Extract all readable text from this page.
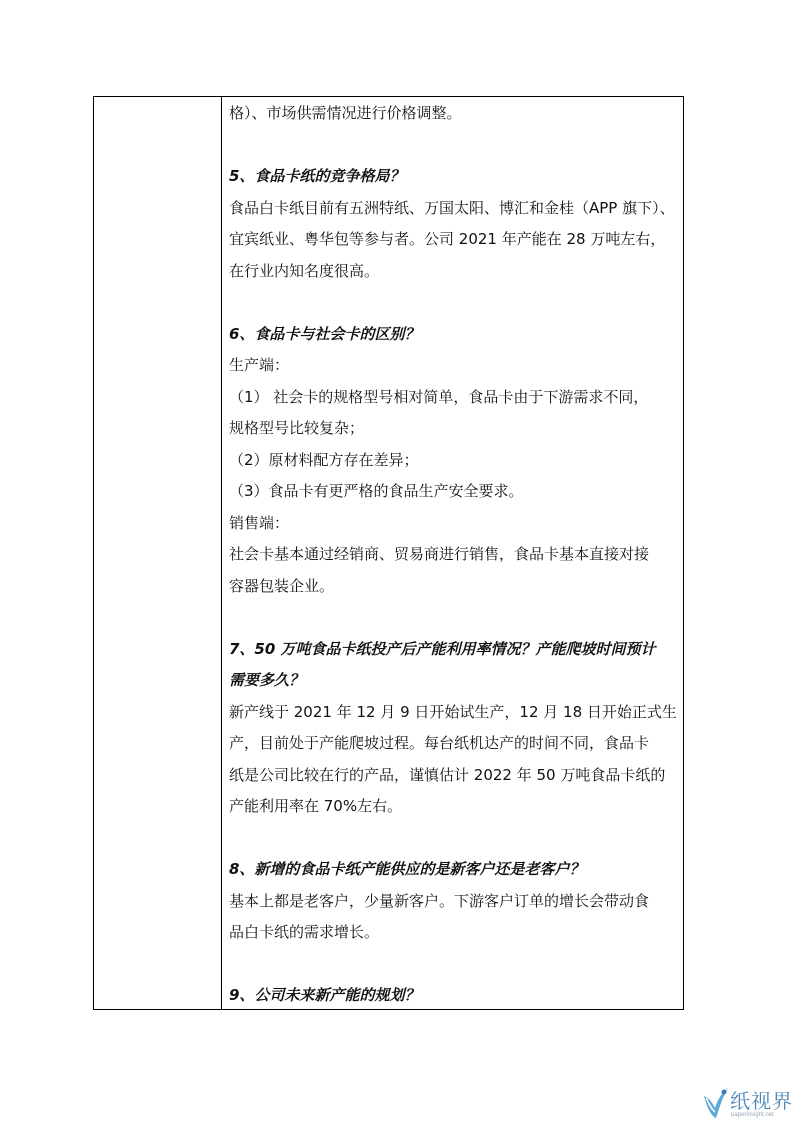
格）、市场供需情况进行价格调整。

5、食品卡纸的竞争格局？

食品白卡纸目前有五洲特纸、万国太阳、博汇和金桂（APP 旗下）、

宜宾纸业、粤华包等参与者。公司 2021 年产能在 28 万吨左右，

在行业内知名度很高。

6、食品卡与社会卡的区别？

生产端：

（1） 社会卡的规格型号相对简单，食品卡由于下游需求不同，

规格型号比较复杂；

（2）原材料配方存在差异；

（3）食品卡有更严格的食品生产安全要求。

销售端：

社会卡基本通过经销商、贸易商进行销售，食品卡基本直接对接

容器包装企业。

7、50 万吨食品卡纸投产后产能利用率情况？产能爬坡时间预计

需要多久？

新产线于 2021 年 12 月 9 日开始试生产，12 月 18 日开始正式生

产，目前处于产能爬坡过程。每台纸机达产的时间不同，食品卡

纸是公司比较在行的产品，谨慎估计 2022 年 50 万吨食品卡纸的

产能利用率在 70%左右。

8、新增的食品卡纸产能供应的是新客户还是老客户？

基本上都是老客户，少量新客户。下游客户订单的增长会带动食

品白卡纸的需求增长。

9、公司未来新产能的规划？

纸视界
paperinsight.net
